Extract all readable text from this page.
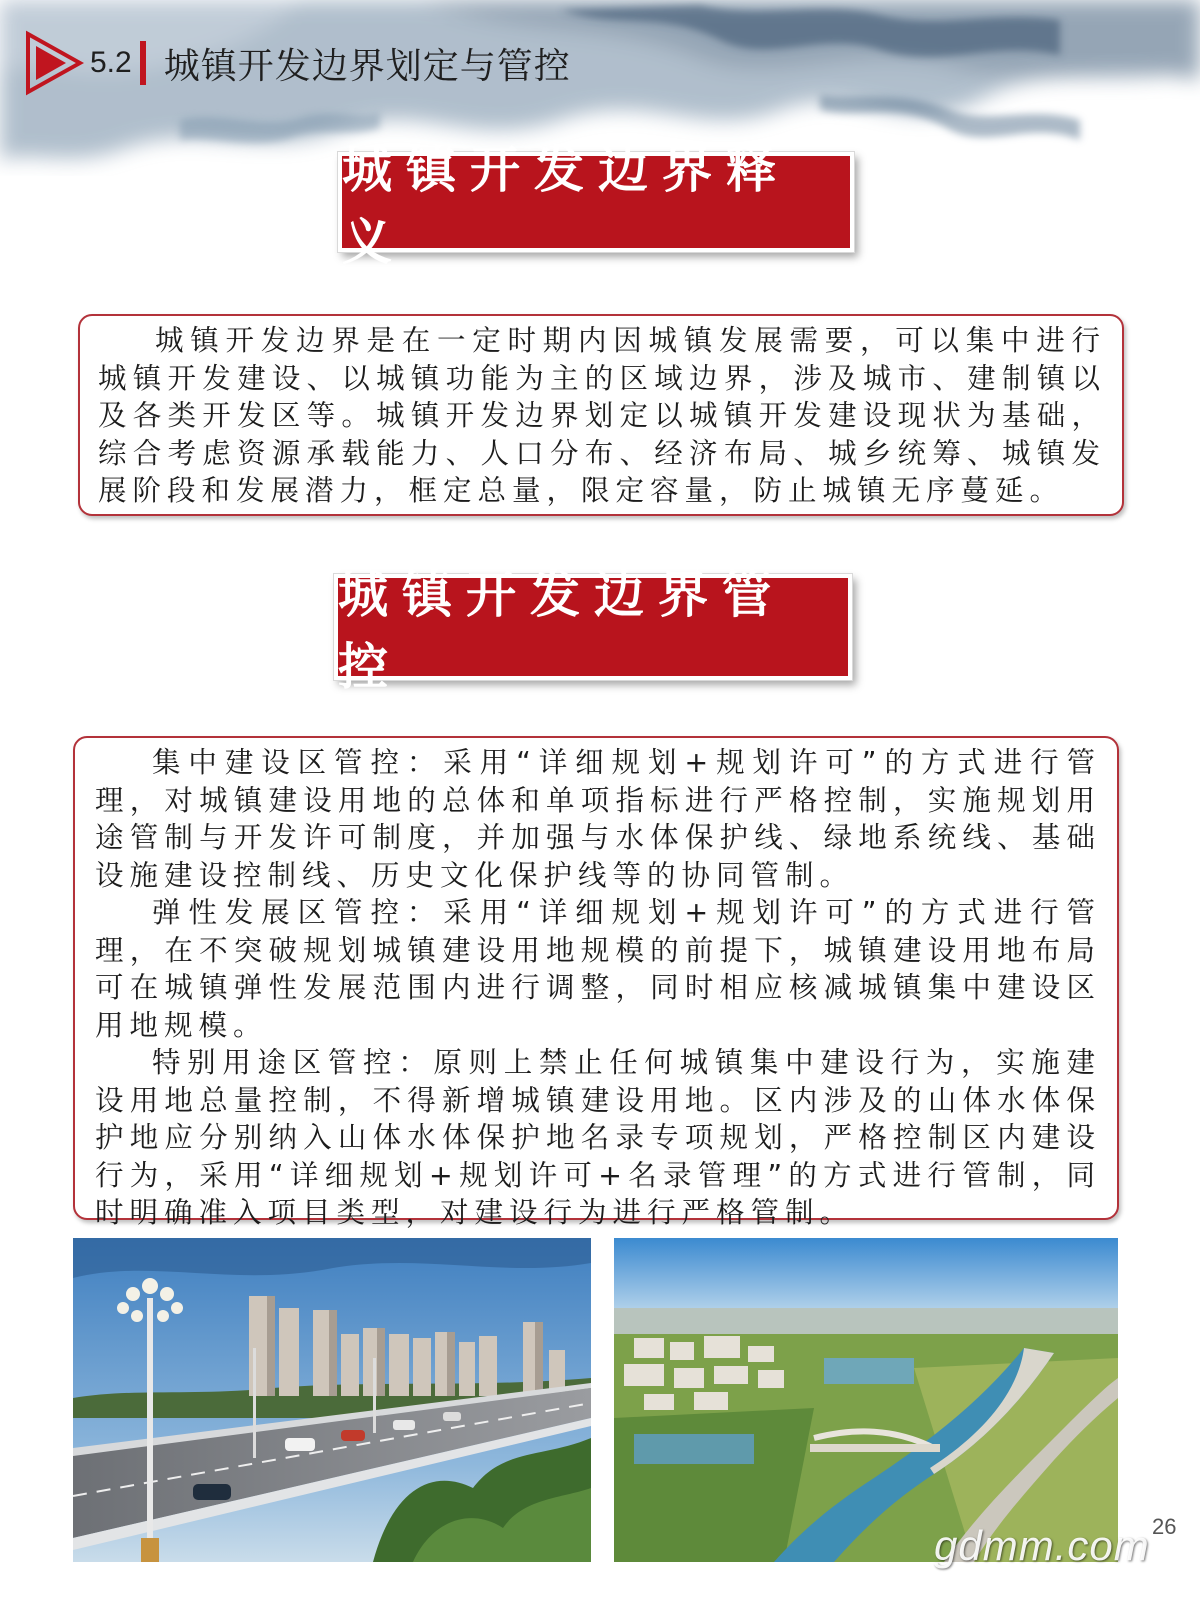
5.2 城镇开发边界划定与管控
城镇开发边界释义

城镇开发边界是在一定时期内因城镇发展需要，可以集中进行城镇开发建设、以城镇功能为主的区域边界，涉及城市、建制镇以及各类开发区等。城镇开发边界划定以城镇开发建设现状为基础，综合考虑资源承载能力、人口分布、经济布局、城乡统筹、城镇发展阶段和发展潜力，框定总量，限定容量，防止城镇无序蔓延。

城镇开发边界管控

集中建设区管控：采用“详细规划+规划许可”的方式进行管理，对城镇建设用地的总体和单项指标进行严格控制，实施规划用途管制与开发许可制度，并加强与水体保护线、绿地系统线、基础设施建设控制线、历史文化保护线等的协同管制。

弹性发展区管控：采用“详细规划+规划许可”的方式进行管理，在不突破规划城镇建设用地规模的前提下，城镇建设用地布局可在城镇弹性发展范围内进行调整，同时相应核减城镇集中建设区用地规模。

特别用途区管控：原则上禁止任何城镇集中建设行为，实施建设用地总量控制，不得新增城镇建设用地。区内涉及的山体水体保护地应分别纳入山体水体保护地名录专项规划，严格控制区内建设行为，采用“详细规划+规划许可+名录管理”的方式进行管制，同时明确准入项目类型，对建设行为进行严格管制。

26
gdmm.com
